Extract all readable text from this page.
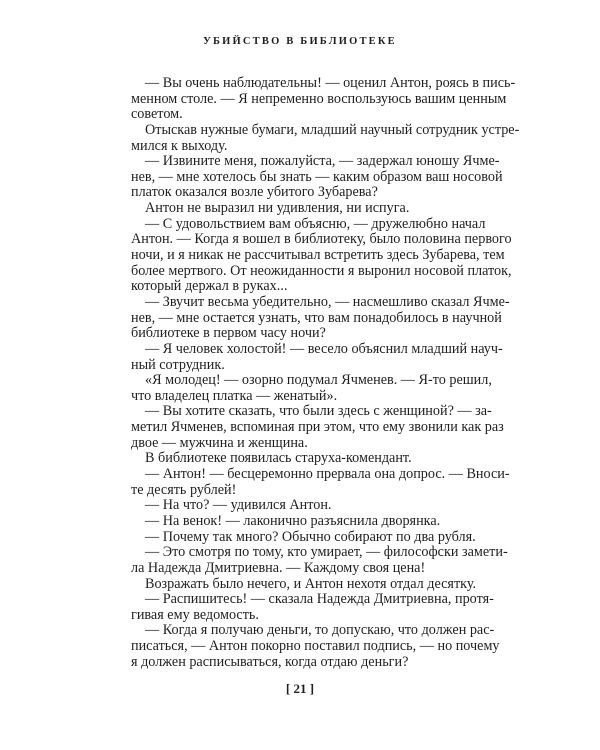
УБИЙСТВО В БИБЛИОТЕКЕ
— Вы очень наблюдательны! — оценил Антон, роясь в пись-
менном столе. — Я непременно воспользуюсь вашим ценным
советом.
Отыскав нужные бумаги, младший научный сотрудник устре-
мился к выходу.
— Извините меня, пожалуйста, — задержал юношу Ячме-
нев, — мне хотелось бы знать — каким образом ваш носовой
платок оказался возле убитого Зубарева?
Антон не выразил ни удивления, ни испуга.
— С удовольствием вам объясню, — дружелюбно начал
Антон. — Когда я вошел в библиотеку, было половина первого
ночи, и я никак не рассчитывал встретить здесь Зубарева, тем
более мертвого. От неожиданности я выронил носовой платок,
который держал в руках...
— Звучит весьма убедительно, — насмешливо сказал Ячме-
нев, — мне остается узнать, что вам понадобилось в научной
библиотеке в первом часу ночи?
— Я человек холостой! — весело объяснил младший науч-
ный сотрудник.
«Я молодец! — озорно подумал Ячменев. — Я-то решил,
что владелец платка — женатый».
— Вы хотите сказать, что были здесь с женщиной? — за-
метил Ячменев, вспоминая при этом, что ему звонили как раз
двое — мужчина и женщина.
В библиотеке появилась старуха-комендант.
— Антон! — бесцеремонно прервала она допрос. — Вноси-
те десять рублей!
— На что? — удивился Антон.
— На венок! — лаконично разъяснила дворянка.
— Почему так много? Обычно собирают по два рубля.
— Это смотря по тому, кто умирает, — философски замети-
ла Надежда Дмитриевна. — Каждому своя цена!
Возражать было нечего, и Антон нехотя отдал десятку.
— Распишитесь! — сказала Надежда Дмитриевна, протя-
гивая ему ведомость.
— Когда я получаю деньги, то допускаю, что должен рас-
писаться, — Антон покорно поставил подпись, — но почему
я должен расписываться, когда отдаю деньги?
[ 21 ]
